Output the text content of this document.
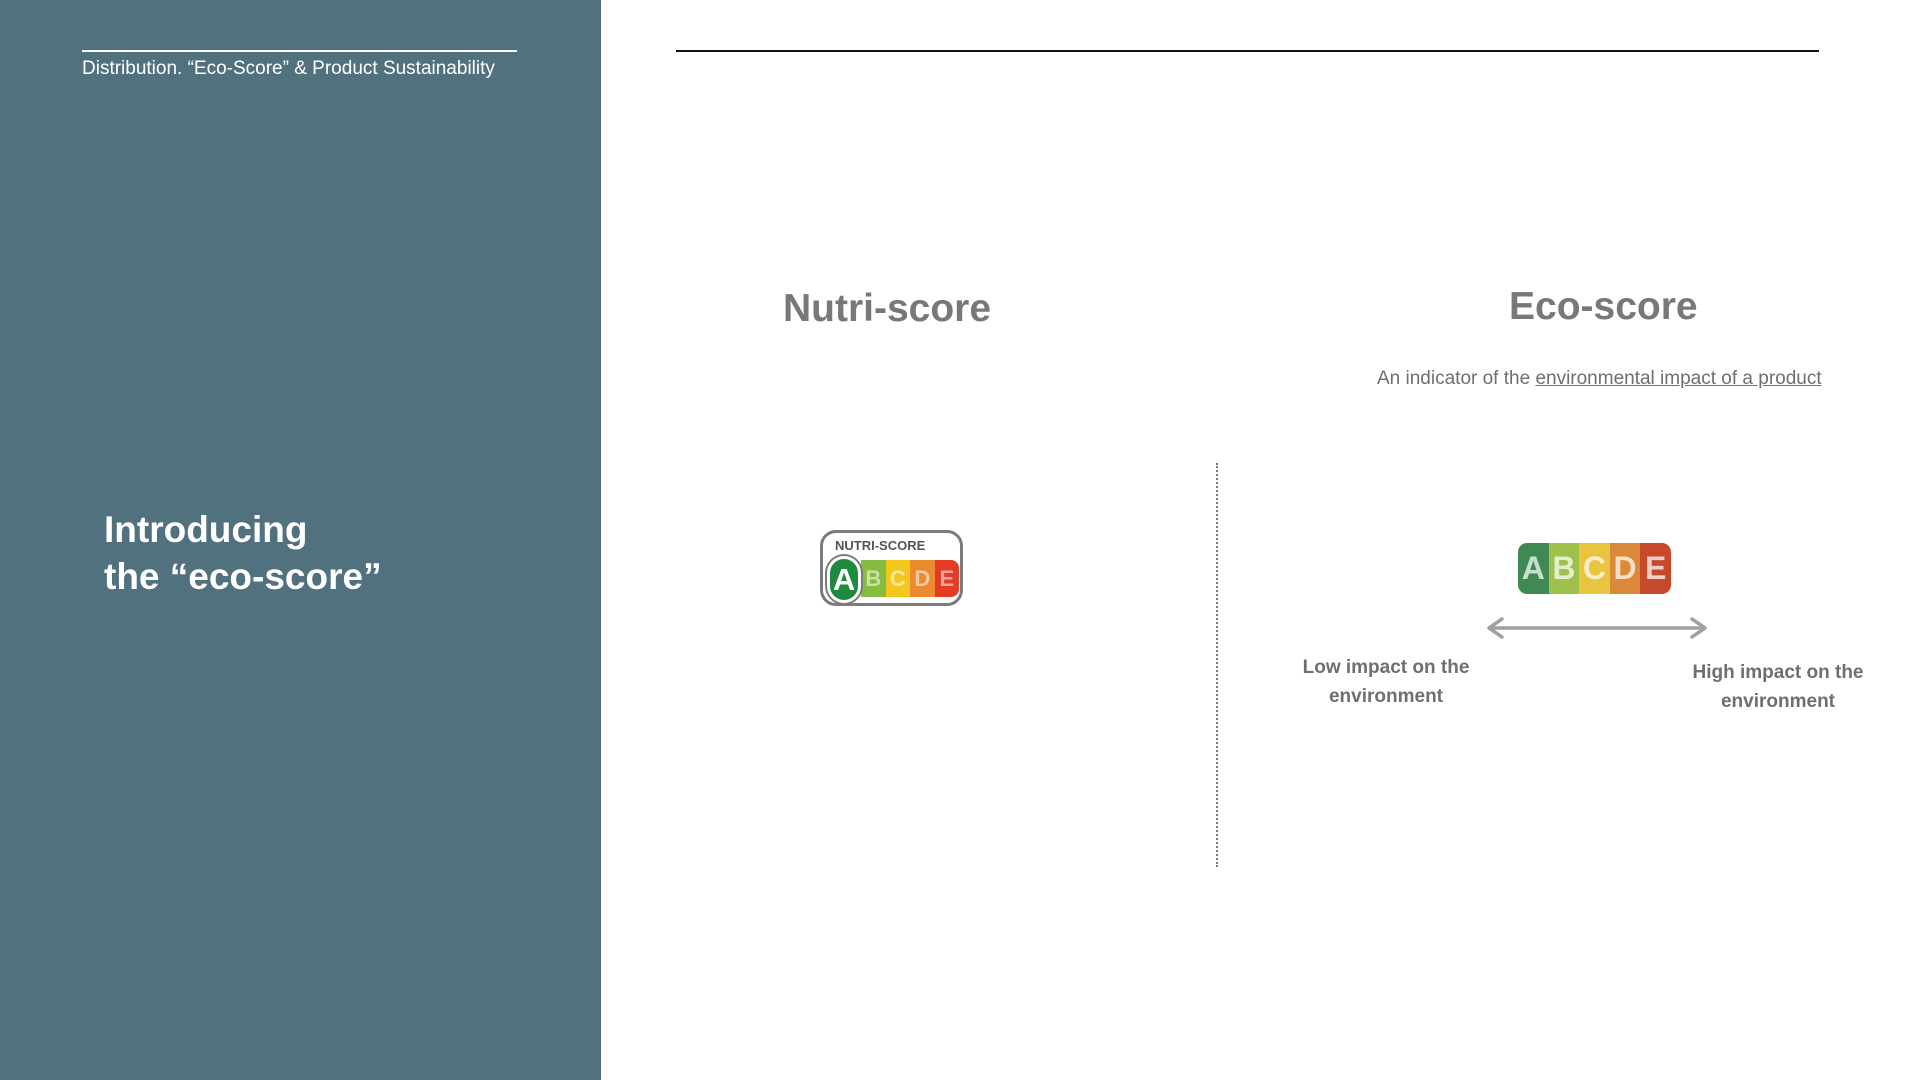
Distribution. “Eco-Score” & Product Sustainability
Introducing
the “eco-score”
Nutri-score	Eco-score
An indicator of the environmental impact of a product
NUTRI-SCORE
A B C D E	A B C D E
Low impact on the
environment
High impact on the
environment
